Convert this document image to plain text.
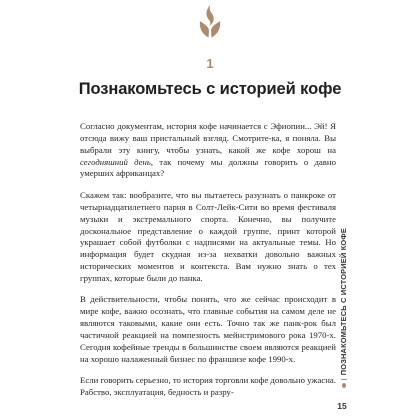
1
Познакомьтесь с историей кофе

Согласно документам, история кофе начинается с Эфиопии... Эй! Я отсюда вижу ваш пристальный взгляд. Смотрите-ка, я поняла. Вы выбрали эту книгу, чтобы узнать, какой же кофе хорош на сегодняшний день, так почему мы должны говорить о давно умерших африканцах?

Скажем так: вообразите, что вы пытаетесь разузнать о панкроке от четырнадцатилетнего парня в Солт-Лейк-Сити во время фестиваля музыки и экстремального спорта. Конечно, вы получите доскональное представление о каждой группе, принт которой украшает собой футболки с надписями на актуальные темы. Но информация будет скудная из-за нехватки довольно важных исторических моментов и контекста. Вам нужно знать о тех группах, которые были до панка.

В действительности, чтобы понять, что же сейчас происходит в мире кофе, важно осознать, что главные события на самом деле не являются таковыми, какие они есть. Точно так же панк-рок был частичной реакцией на помпезность мейнстримового рока 1970-х. Сегодня кофейные тренды в большинстве своем являются реакцией на хорошо налаженный бизнес по франшизе кофе 1990-х.

Если говорить серьезно, то история торговли кофе довольно ужасна. Рабство, эксплуатация, бедность и разру-

ПОЗНАКОМЬТЕСЬ С ИСТОРИЕЙ КОФЕ
15
